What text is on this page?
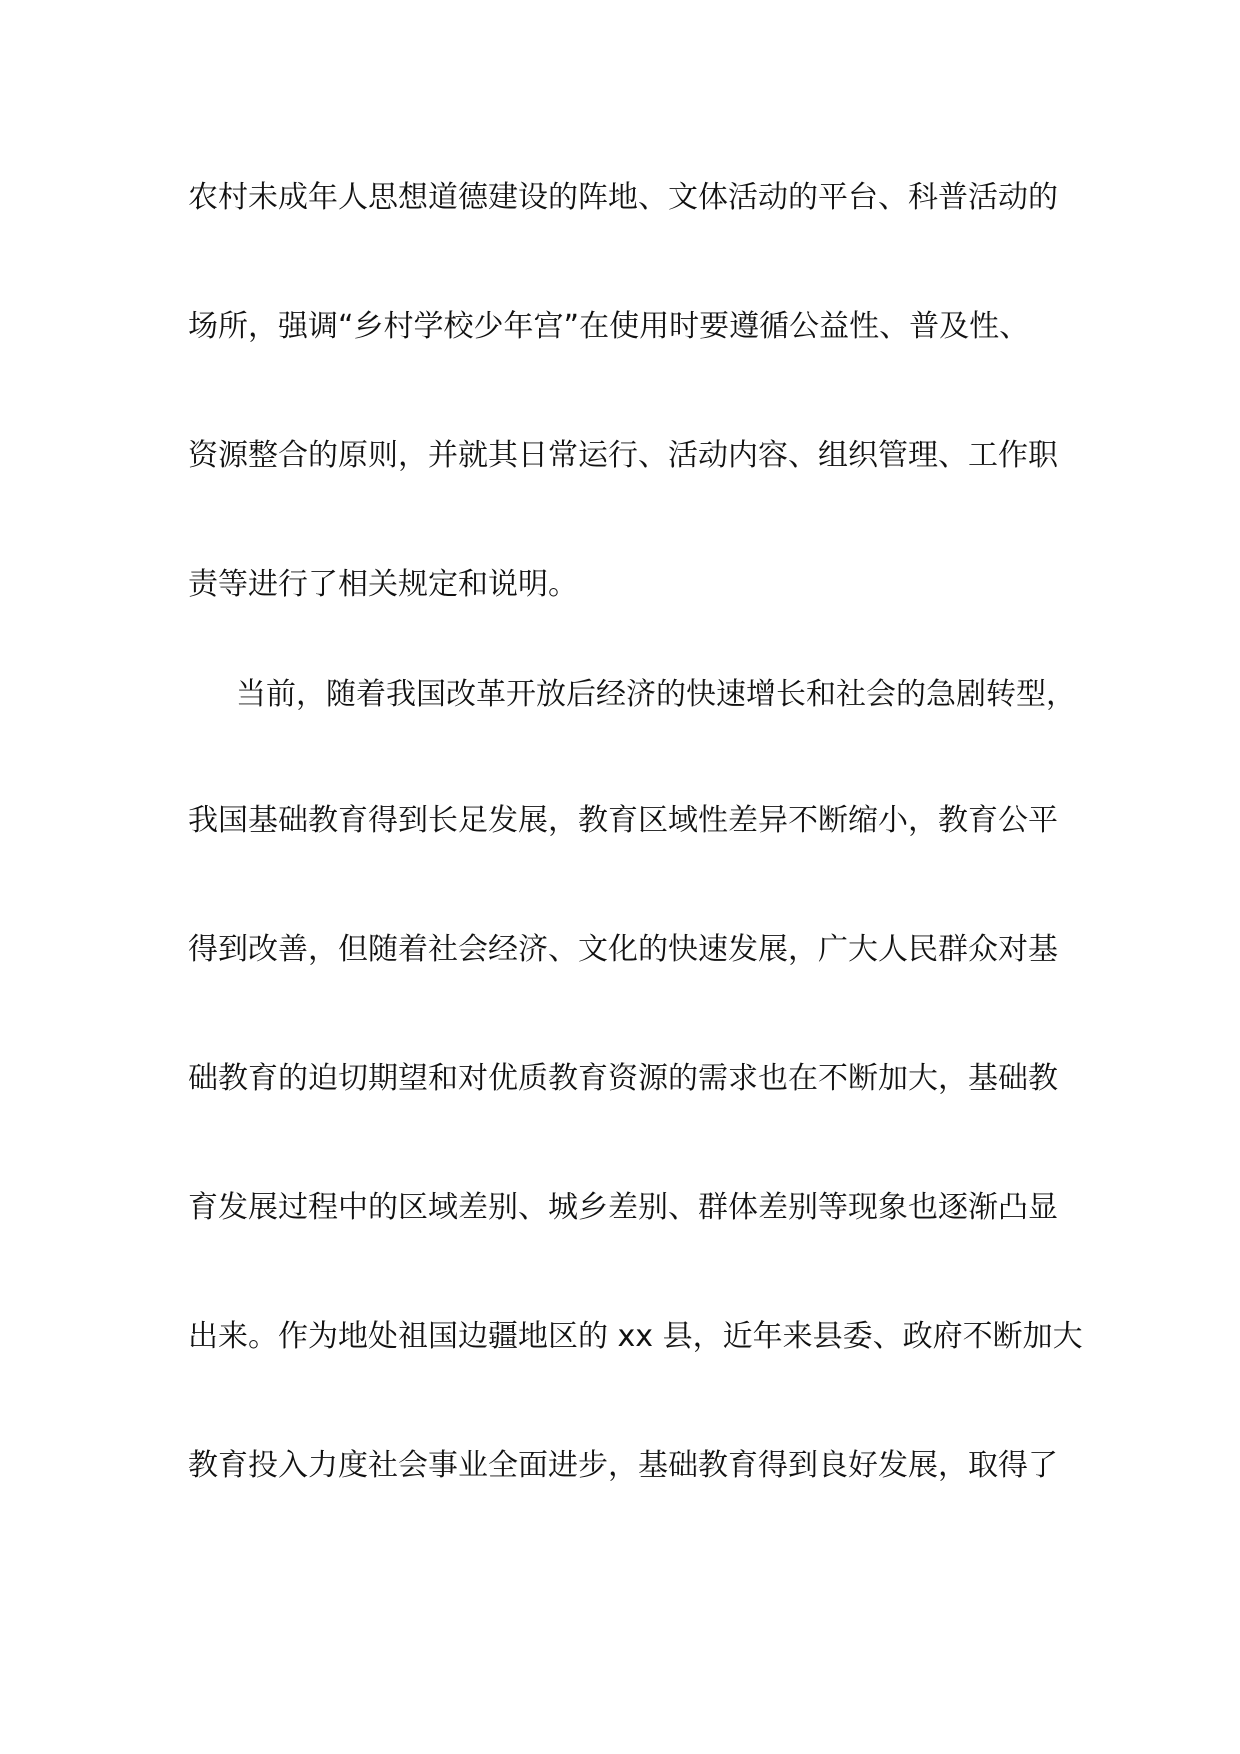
农村未成年人思想道德建设的阵地、文体活动的平台、科普活动的
场所，强调“乡村学校少年宫”在使用时要遵循公益性、普及性、
资源整合的原则，并就其日常运行、活动内容、组织管理、工作职
责等进行了相关规定和说明。
当前，随着我国改革开放后经济的快速增长和社会的急剧转型，
我国基础教育得到长足发展，教育区域性差异不断缩小，教育公平
得到改善，但随着社会经济、文化的快速发展，广大人民群众对基
础教育的迫切期望和对优质教育资源的需求也在不断加大，基础教
育发展过程中的区域差别、城乡差别、群体差别等现象也逐渐凸显
出来。作为地处祖国边疆地区的 xx 县，近年来县委、政府不断加大
教育投入力度社会事业全面进步，基础教育得到良好发展，取得了
